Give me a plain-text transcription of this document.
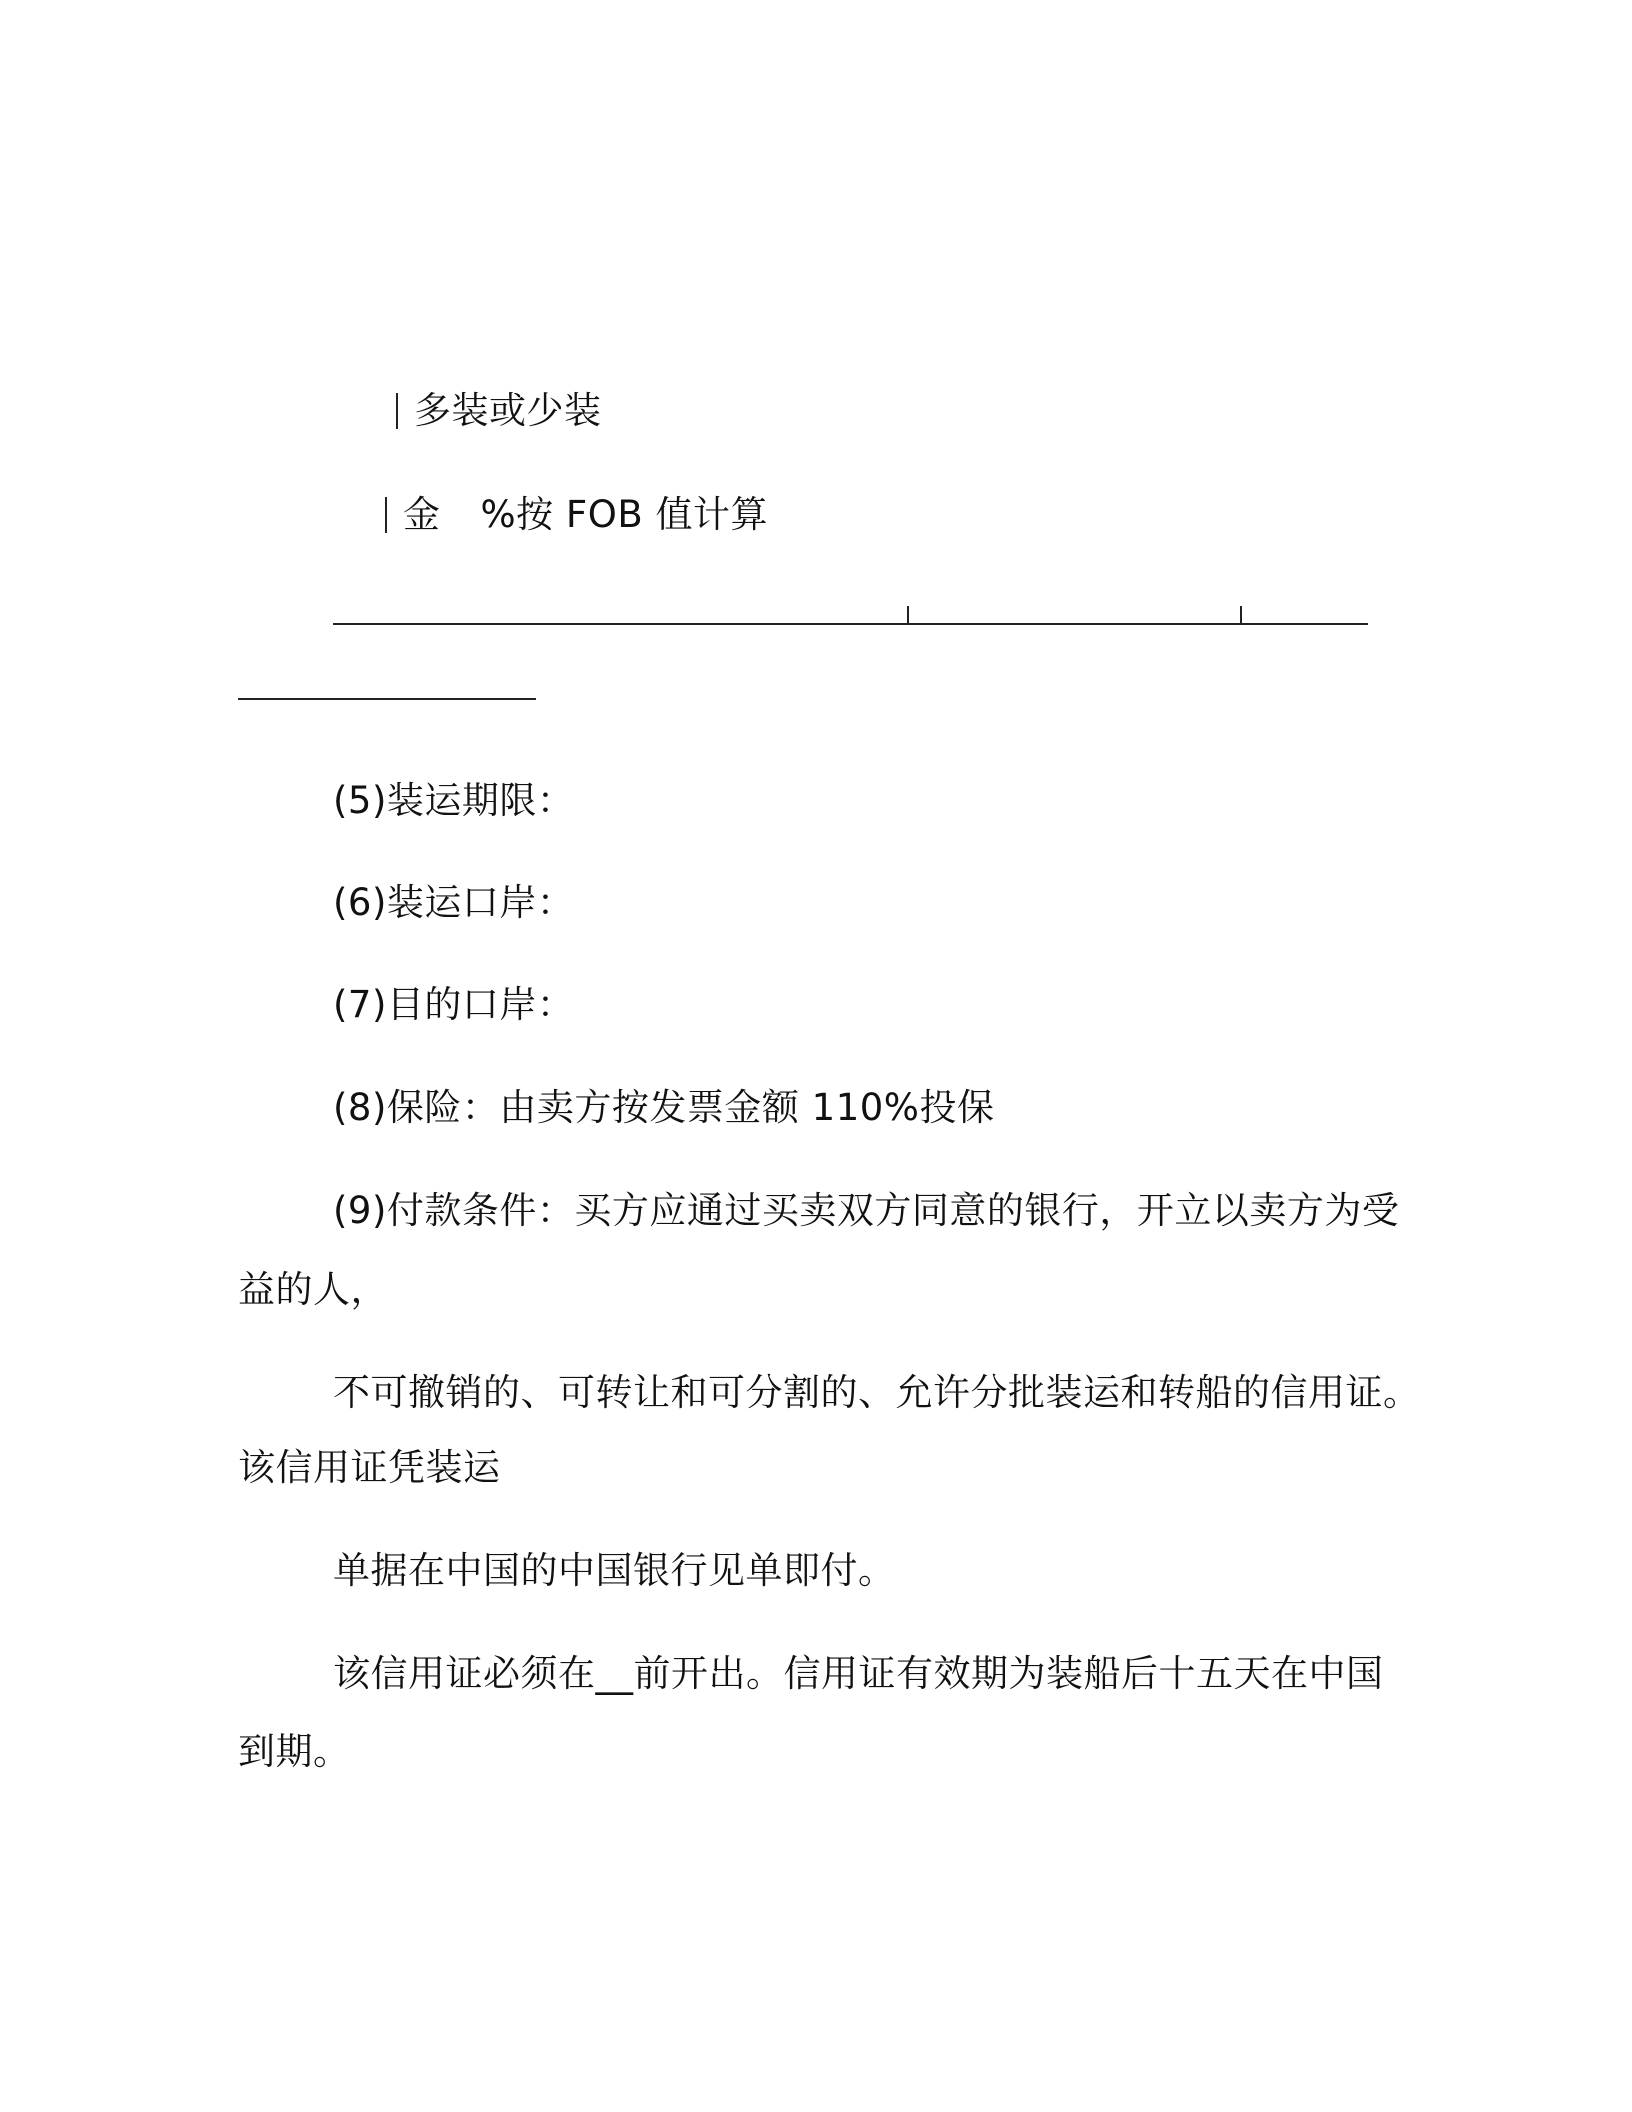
多装或少装
金 %按 FOB 值计算
(5)装运期限：
(6)装运口岸：
(7)目的口岸：
(8)保险：由卖方按发票金额 110%投保
(9)付款条件：买方应通过买卖双方同意的银行，开立以卖方为受
益的人，
不可撤销的、可转让和可分割的、允许分批装运和转船的信用证。
该信用证凭装运
单据在中国的中国银行见单即付。
该信用证必须在__前开出。信用证有效期为装船后十五天在中国
到期。
